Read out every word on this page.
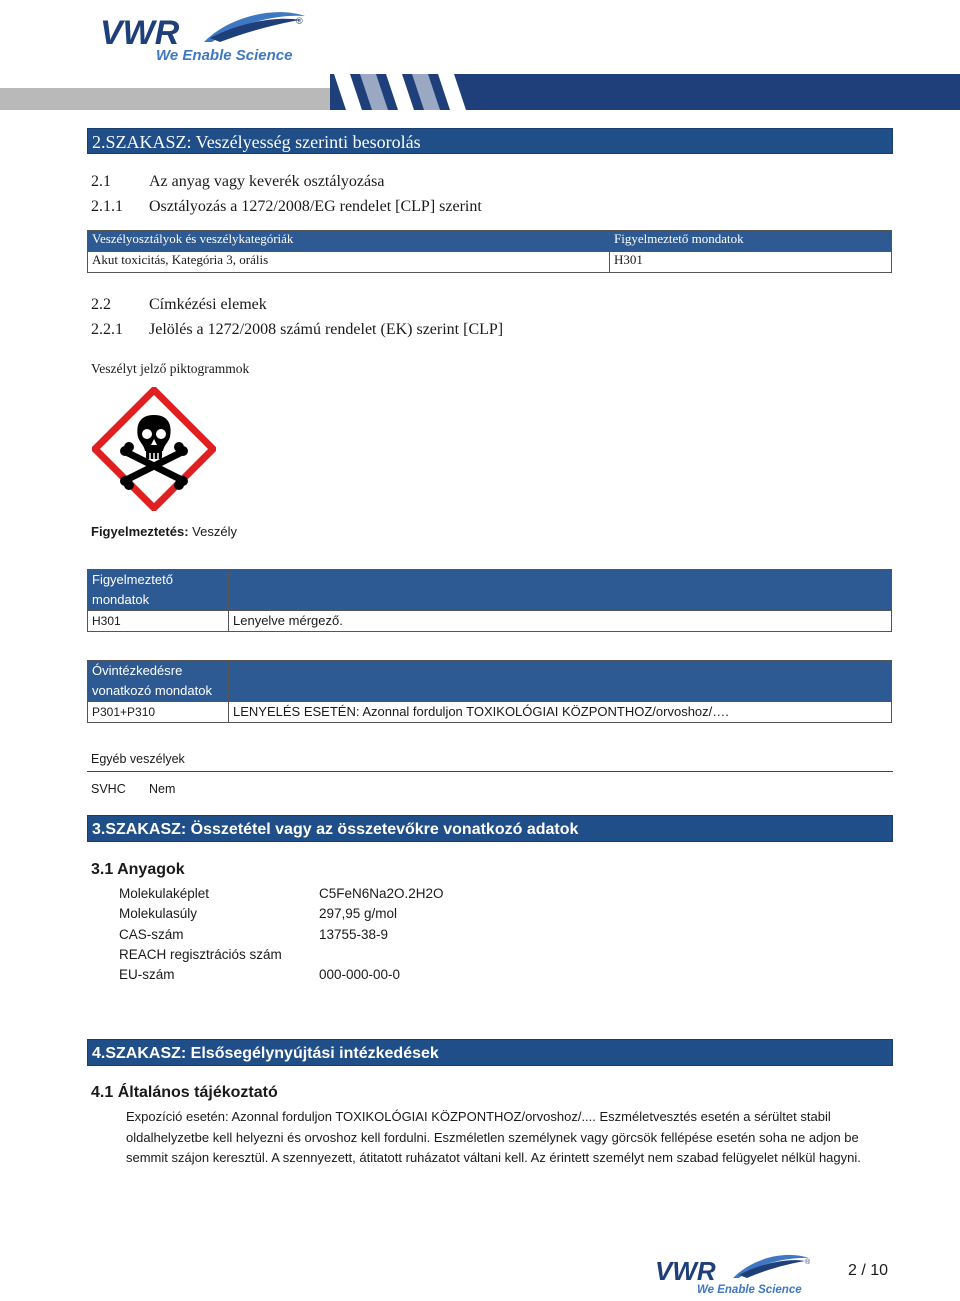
VWR	®
We Enable Science
2.SZAKASZ: Veszélyesség szerinti besorolás
2.1 Az anyag vagy keverék osztályozása
2.1.1 Osztályozás a 1272/2008/EG rendelet [CLP] szerint
Veszélyosztályok és veszélykategóriák	Figyelmeztető mondatok
Akut toxicitás, Kategória 3, orális	H301
2.2 Címkézési elemek
2.2.1 Jelölés a 1272/2008 számú rendelet (EK) szerint [CLP]
Veszélyt jelző piktogrammok
Figyelmeztetés: Veszély
Figyelmeztető
mondatok	

H301	Lenyelve mérgező.
Óvintézkedésre
vonatkozó mondatok	

P301+P310	LENYELÉS ESETÉN: Azonnal forduljon TOXIKOLÓGIAI KÖZPONTHOZ/orvoshoz/….
Egyéb veszélyek
SVHC Nem
3.SZAKASZ: Összetétel vagy az összetevőkre vonatkozó adatok
3.1 Anyagok
Molekulaképlet	C5FeN6Na2O.2H2O
Molekulasúly	297,95 g/mol
CAS-szám	13755-38-9
REACH regisztrációs szám
EU-szám	000-000-00-0
4.SZAKASZ: Elsősegélynyújtási intézkedések
4.1 Általános tájékoztató
Expozíció esetén: Azonnal forduljon TOXIKOLÓGIAI KÖZPONTHOZ/orvoshoz/.... Eszméletvesztés esetén a sérültet stabil
oldalhelyzetbe kell helyezni és orvoshoz kell fordulni. Eszméletlen személynek vagy görcsök fellépése esetén soha ne adjon be
semmit szájon keresztül. A szennyezett, átitatott ruházatot váltani kell. Az érintett személyt nem szabad felügyelet nélkül hagyni.
VWR	®
We Enable Science
2 / 10
